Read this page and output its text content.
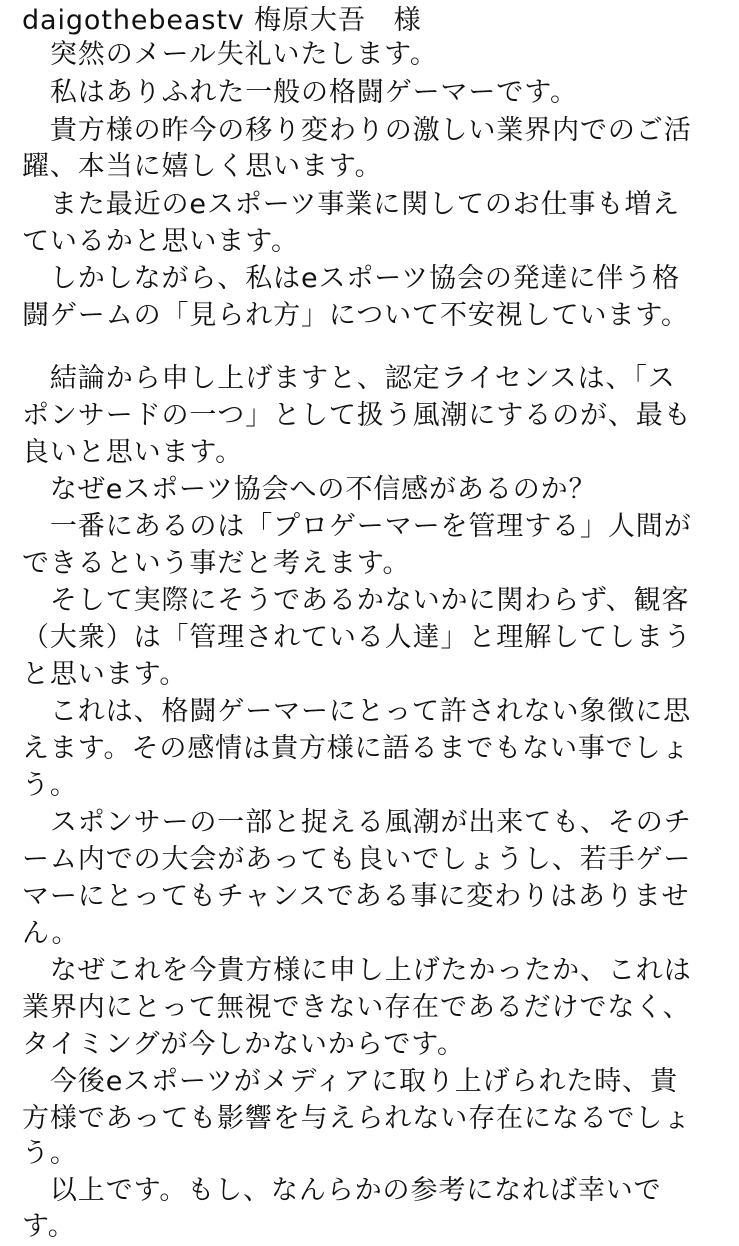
daigothebeastv 梅原大吾　様
　突然のメール失礼いたします。
　私はありふれた一般の格闘ゲーマーです。
　貴方様の昨今の移り変わりの激しい業界内でのご活
躍、本当に嬉しく思います。
　また最近のeスポーツ事業に関してのお仕事も増え
ているかと思います。
　しかしながら、私はeスポーツ協会の発達に伴う格
闘ゲームの「見られ方」について不安視しています。
　結論から申し上げますと、認定ライセンスは、「ス
ポンサードの一つ」として扱う風潮にするのが、最も
良いと思います。
　なぜeスポーツ協会への不信感があるのか？
　一番にあるのは「プロゲーマーを管理する」人間が
できるという事だと考えます。
　そして実際にそうであるかないかに関わらず、観客
（大衆）は「管理されている人達」と理解してしまう
と思います。
　これは、格闘ゲーマーにとって許されない象徴に思
えます。その感情は貴方様に語るまでもない事でしょ
う。
　スポンサーの一部と捉える風潮が出来ても、そのチ
ーム内での大会があっても良いでしょうし、若手ゲー
マーにとってもチャンスである事に変わりはありませ
ん。
　なぜこれを今貴方様に申し上げたかったか、これは
業界内にとって無視できない存在であるだけでなく、
タイミングが今しかないからです。
　今後eスポーツがメディアに取り上げられた時、貴
方様であっても影響を与えられない存在になるでしょ
う。
　以上です。もし、なんらかの参考になれば幸いで
す。
